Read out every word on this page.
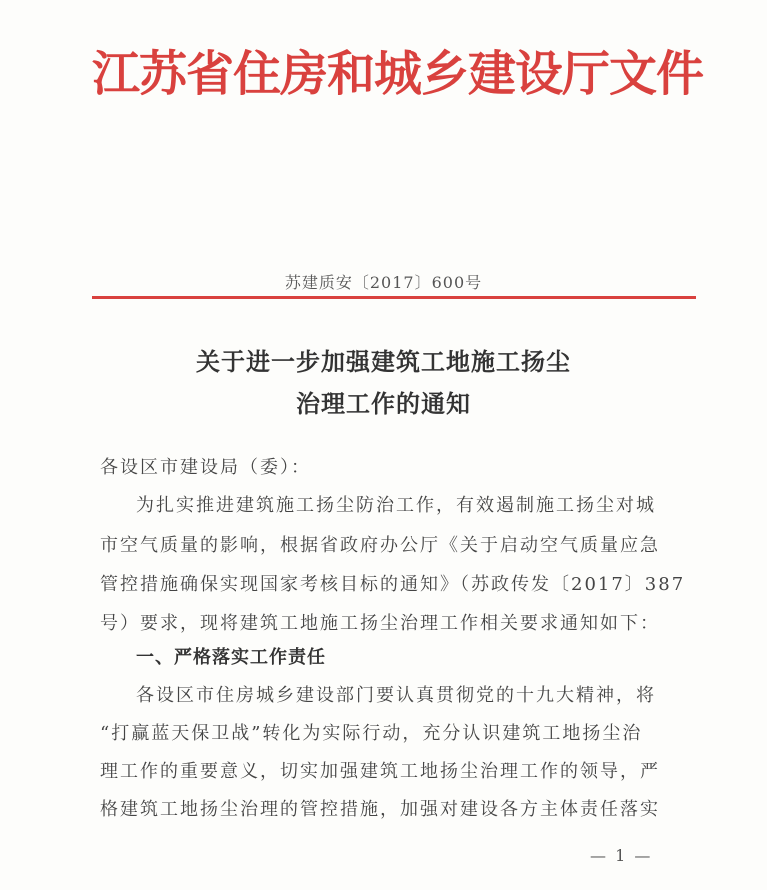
江苏省住房和城乡建设厅文件
苏建质安〔2017〕600号
关于进一步加强建筑工地施工扬尘
治理工作的通知
各设区市建设局（委）：
为扎实推进建筑施工扬尘防治工作，有效遏制施工扬尘对城
市空气质量的影响，根据省政府办公厅《关于启动空气质量应急
管控措施确保实现国家考核目标的通知》（苏政传发〔2017〕387
号）要求，现将建筑工地施工扬尘治理工作相关要求通知如下：
一、严格落实工作责任
各设区市住房城乡建设部门要认真贯彻党的十九大精神，将
“打赢蓝天保卫战”转化为实际行动，充分认识建筑工地扬尘治
理工作的重要意义，切实加强建筑工地扬尘治理工作的领导，严
格建筑工地扬尘治理的管控措施，加强对建设各方主体责任落实
— 1 —
